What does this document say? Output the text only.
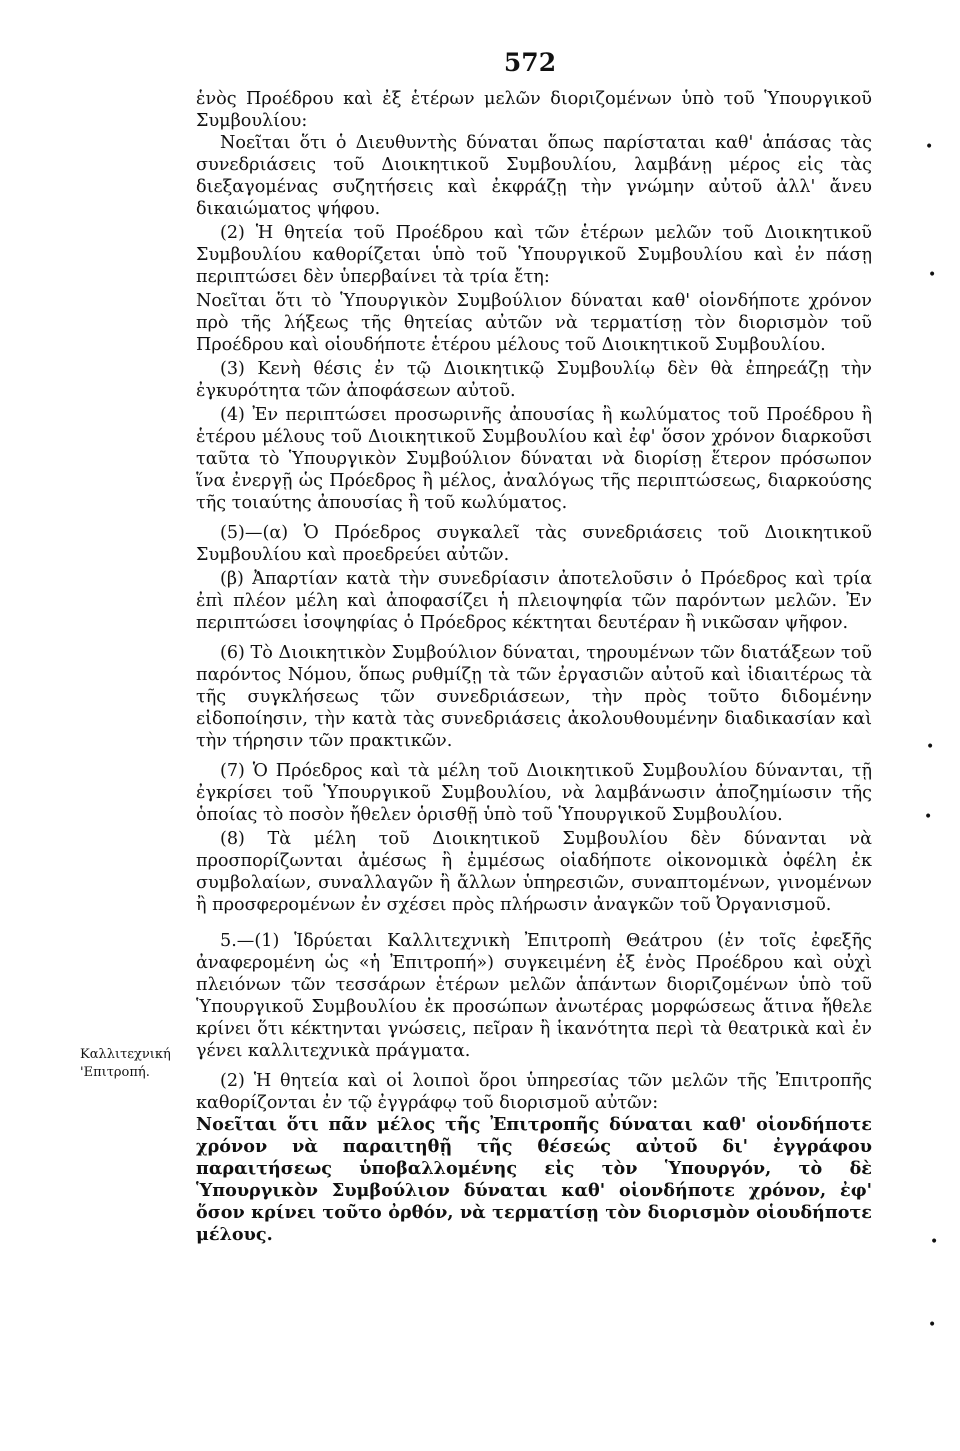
572

ἑνὸς Προέδρου καὶ ἐξ ἑτέρων μελῶν διοριζομένων ὑπὸ τοῦ Ὑπουργικοῦ Συμβουλίου:

Νοεῖται ὅτι ὁ Διευθυντὴς δύναται ὅπως παρίσταται καθ' ἁπάσας τὰς συνεδριάσεις τοῦ Διοικητικοῦ Συμβουλίου, λαμβάνῃ μέρος εἰς τὰς διεξαγομένας συζητήσεις καὶ ἐκφράζῃ τὴν γνώμην αὐτοῦ ἀλλ' ἄνευ δικαιώματος ψήφου.

(2) Ἡ θητεία τοῦ Προέδρου καὶ τῶν ἑτέρων μελῶν τοῦ Διοικητικοῦ Συμβουλίου καθορίζεται ὑπὸ τοῦ Ὑπουργικοῦ Συμβουλίου καὶ ἐν πάσῃ περιπτώσει δὲν ὑπερβαίνει τὰ τρία ἔτη:

Νοεῖται ὅτι τὸ Ὑπουργικὸν Συμβούλιον δύναται καθ' οἱονδήποτε χρόνον πρὸ τῆς λήξεως τῆς θητείας αὐτῶν νὰ τερματίσῃ τὸν διορισμὸν τοῦ Προέδρου καὶ οἱουδήποτε ἑτέρου μέλους τοῦ Διοικητικοῦ Συμβουλίου.

(3) Κενὴ θέσις ἐν τῷ Διοικητικῷ Συμβουλίῳ δὲν θὰ ἐπηρεάζῃ τὴν ἐγκυρότητα τῶν ἀποφάσεων αὐτοῦ.

(4) Ἐν περιπτώσει προσωρινῆς ἀπουσίας ἢ κωλύματος τοῦ Προέδρου ἢ ἑτέρου μέλους τοῦ Διοικητικοῦ Συμβουλίου καὶ ἐφ' ὅσον χρόνον διαρκοῦσι ταῦτα τὸ Ὑπουργικὸν Συμβούλιον δύναται νὰ διορίσῃ ἕτερον πρόσωπον ἵνα ἐνεργῇ ὡς Πρόεδρος ἢ μέλος, ἀναλόγως τῆς περιπτώσεως, διαρκούσης τῆς τοιαύτης ἀπουσίας ἢ τοῦ κωλύματος.

(5)—(α) Ὁ Πρόεδρος συγκαλεῖ τὰς συνεδριάσεις τοῦ Διοικητικοῦ Συμβουλίου καὶ προεδρεύει αὐτῶν.

(β) Ἀπαρτίαν κατὰ τὴν συνεδρίασιν ἀποτελοῦσιν ὁ Πρόεδρος καὶ τρία ἐπὶ πλέον μέλη καὶ ἀποφασίζει ἡ πλειοψηφία τῶν παρόντων μελῶν. Ἐν περιπτώσει ἰσοψηφίας ὁ Πρόεδρος κέκτηται δευτέραν ἢ νικῶσαν ψῆφον.

(6) Τὸ Διοικητικὸν Συμβούλιον δύναται, τηρουμένων τῶν διατάξεων τοῦ παρόντος Νόμου, ὅπως ρυθμίζῃ τὰ τῶν ἐργασιῶν αὐτοῦ καὶ ἰδιαιτέρως τὰ τῆς συγκλήσεως τῶν συνεδριάσεων, τὴν πρὸς τοῦτο διδομένην εἰδοποίησιν, τὴν κατὰ τὰς συνεδριάσεις ἀκολουθουμένην διαδικασίαν καὶ τὴν τήρησιν τῶν πρακτικῶν.

(7) Ὁ Πρόεδρος καὶ τὰ μέλη τοῦ Διοικητικοῦ Συμβουλίου δύνανται, τῇ ἐγκρίσει τοῦ Ὑπουργικοῦ Συμβουλίου, νὰ λαμβάνωσιν ἀποζημίωσιν τῆς ὁποίας τὸ ποσὸν ἤθελεν ὁρισθῇ ὑπὸ τοῦ Ὑπουργικοῦ Συμβουλίου.

(8) Τὰ μέλη τοῦ Διοικητικοῦ Συμβουλίου δὲν δύνανται νὰ προσπορίζωνται ἀμέσως ἢ ἐμμέσως οἱαδήποτε οἰκονομικὰ ὀφέλη ἐκ συμβολαίων, συναλλαγῶν ἢ ἄλλων ὑπηρεσιῶν, συναπτομένων, γινομένων ἢ προσφερομένων ἐν σχέσει πρὸς πλήρωσιν ἀναγκῶν τοῦ Ὀργανισμοῦ.

5.—(1) Ἱδρύεται Καλλιτεχνικὴ Ἐπιτροπὴ Θεάτρου (ἐν τοῖς ἐφεξῆς ἀναφερομένη ὡς «ἡ Ἐπιτροπή») συγκειμένη ἐξ ἑνὸς Προέδρου καὶ οὐχὶ πλειόνων τῶν τεσσάρων ἑτέρων μελῶν ἁπάντων διοριζομένων ὑπὸ τοῦ Ὑπουργικοῦ Συμβουλίου ἐκ προσώπων ἀνωτέρας μορφώσεως ἅτινα ἤθελε κρίνει ὅτι κέκτηνται γνώσεις, πεῖραν ἢ ἱκανότητα περὶ τὰ θεατρικὰ καὶ ἐν γένει καλλιτεχνικὰ πράγματα.

(2) Ἡ θητεία καὶ οἱ λοιποὶ ὅροι ὑπηρεσίας τῶν μελῶν τῆς Ἐπιτροπῆς καθορίζονται ἐν τῷ ἐγγράφῳ τοῦ διορισμοῦ αὐτῶν:

Νοεῖται ὅτι πᾶν μέλος τῆς Ἐπιτροπῆς δύναται καθ' οἱονδήποτε χρόνον νὰ παραιτηθῇ τῆς θέσεώς αὐτοῦ δι' ἐγγράφου παραιτήσεως ὑποβαλλομένης εἰς τὸν Ὑπουργόν, τὸ δὲ Ὑπουργικὸν Συμβούλιον δύναται καθ' οἱονδήποτε χρόνον, ἐφ' ὅσον κρίνει τοῦτο ὀρθόν, νὰ τερματίσῃ τὸν διορισμὸν οἱουδήποτε μέλους.

Καλλιτεχνική
'Επιτροπή.
•
•
•
•
•
•
